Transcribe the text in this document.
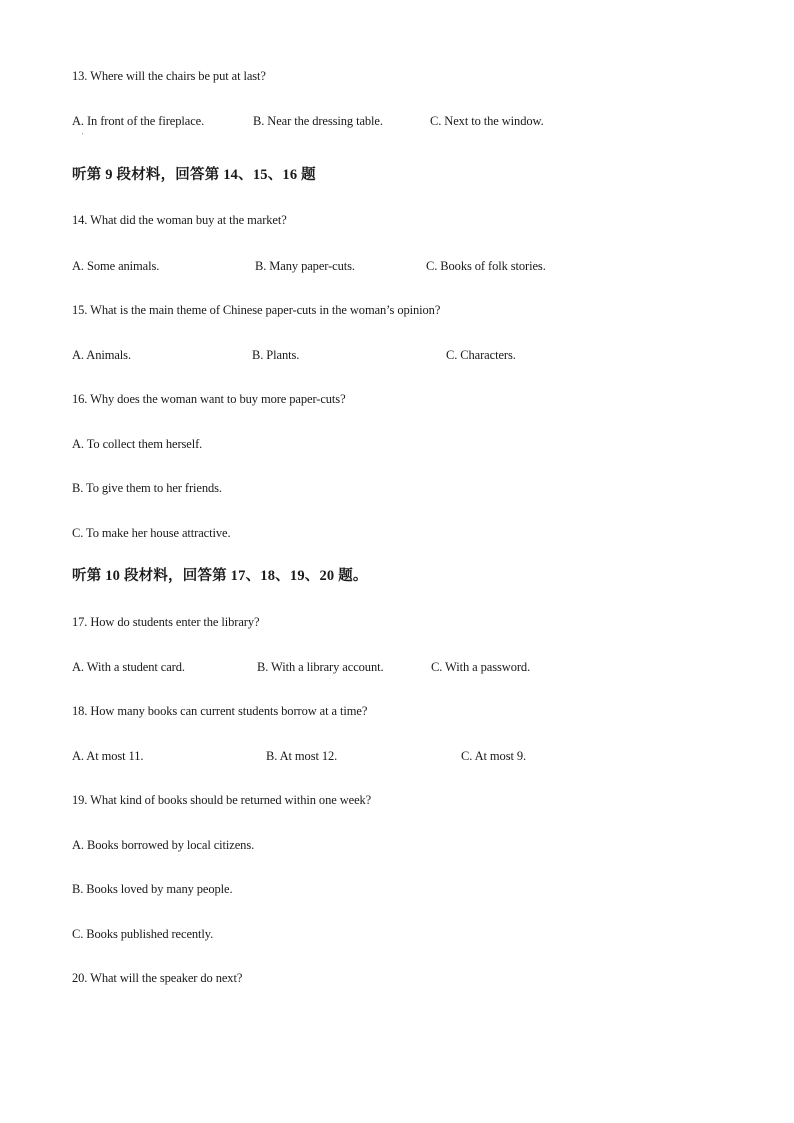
13. Where will the chairs be put at last?
A. In front of the fireplace.	B. Near the dressing table.	C. Next to the window.
'
听第 9 段材料，回答第 14、15、16 题
14. What did the woman buy at the market?
A. Some animals.	B. Many paper-cuts.	C. Books of folk stories.
15. What is the main theme of Chinese paper-cuts in the woman’s opinion?
A. Animals.	B. Plants.	C. Characters.
16. Why does the woman want to buy more paper-cuts?
A. To collect them herself.
B. To give them to her friends.
C. To make her house attractive.
听第 10 段材料，回答第 17、18、19、20 题。
17. How do students enter the library?
A. With a student card.	B. With a library account.	C. With a password.
18. How many books can current students borrow at a time?
A. At most 11.	B. At most 12.	C. At most 9.
19. What kind of books should be returned within one week?
A. Books borrowed by local citizens.
B. Books loved by many people.
C. Books published recently.
20. What will the speaker do next?
